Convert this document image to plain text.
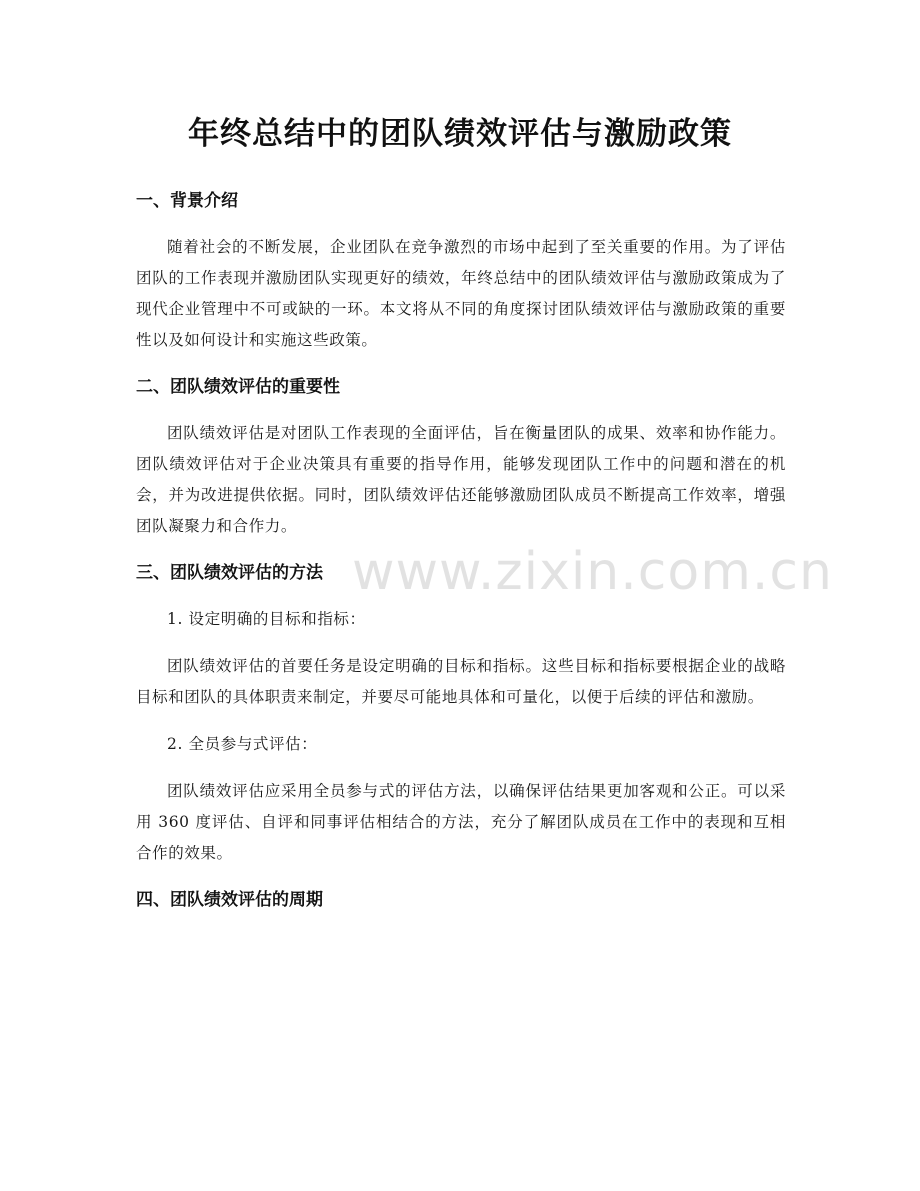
年终总结中的团队绩效评估与激励政策
一、背景介绍

随着社会的不断发展，企业团队在竞争激烈的市场中起到了至关重要的作用。为了评估团队的工作表现并激励团队实现更好的绩效，年终总结中的团队绩效评估与激励政策成为了现代企业管理中不可或缺的一环。本文将从不同的角度探讨团队绩效评估与激励政策的重要性以及如何设计和实施这些政策。

二、团队绩效评估的重要性

团队绩效评估是对团队工作表现的全面评估，旨在衡量团队的成果、效率和协作能力。团队绩效评估对于企业决策具有重要的指导作用，能够发现团队工作中的问题和潜在的机会，并为改进提供依据。同时，团队绩效评估还能够激励团队成员不断提高工作效率，增强团队凝聚力和合作力。

三、团队绩效评估的方法

1. 设定明确的目标和指标：

团队绩效评估的首要任务是设定明确的目标和指标。这些目标和指标要根据企业的战略目标和团队的具体职责来制定，并要尽可能地具体和可量化，以便于后续的评估和激励。

2. 全员参与式评估：

团队绩效评估应采用全员参与式的评估方法，以确保评估结果更加客观和公正。可以采用 360 度评估、自评和同事评估相结合的方法，充分了解团队成员在工作中的表现和互相合作的效果。

四、团队绩效评估的周期
www.zixin.com.cn
